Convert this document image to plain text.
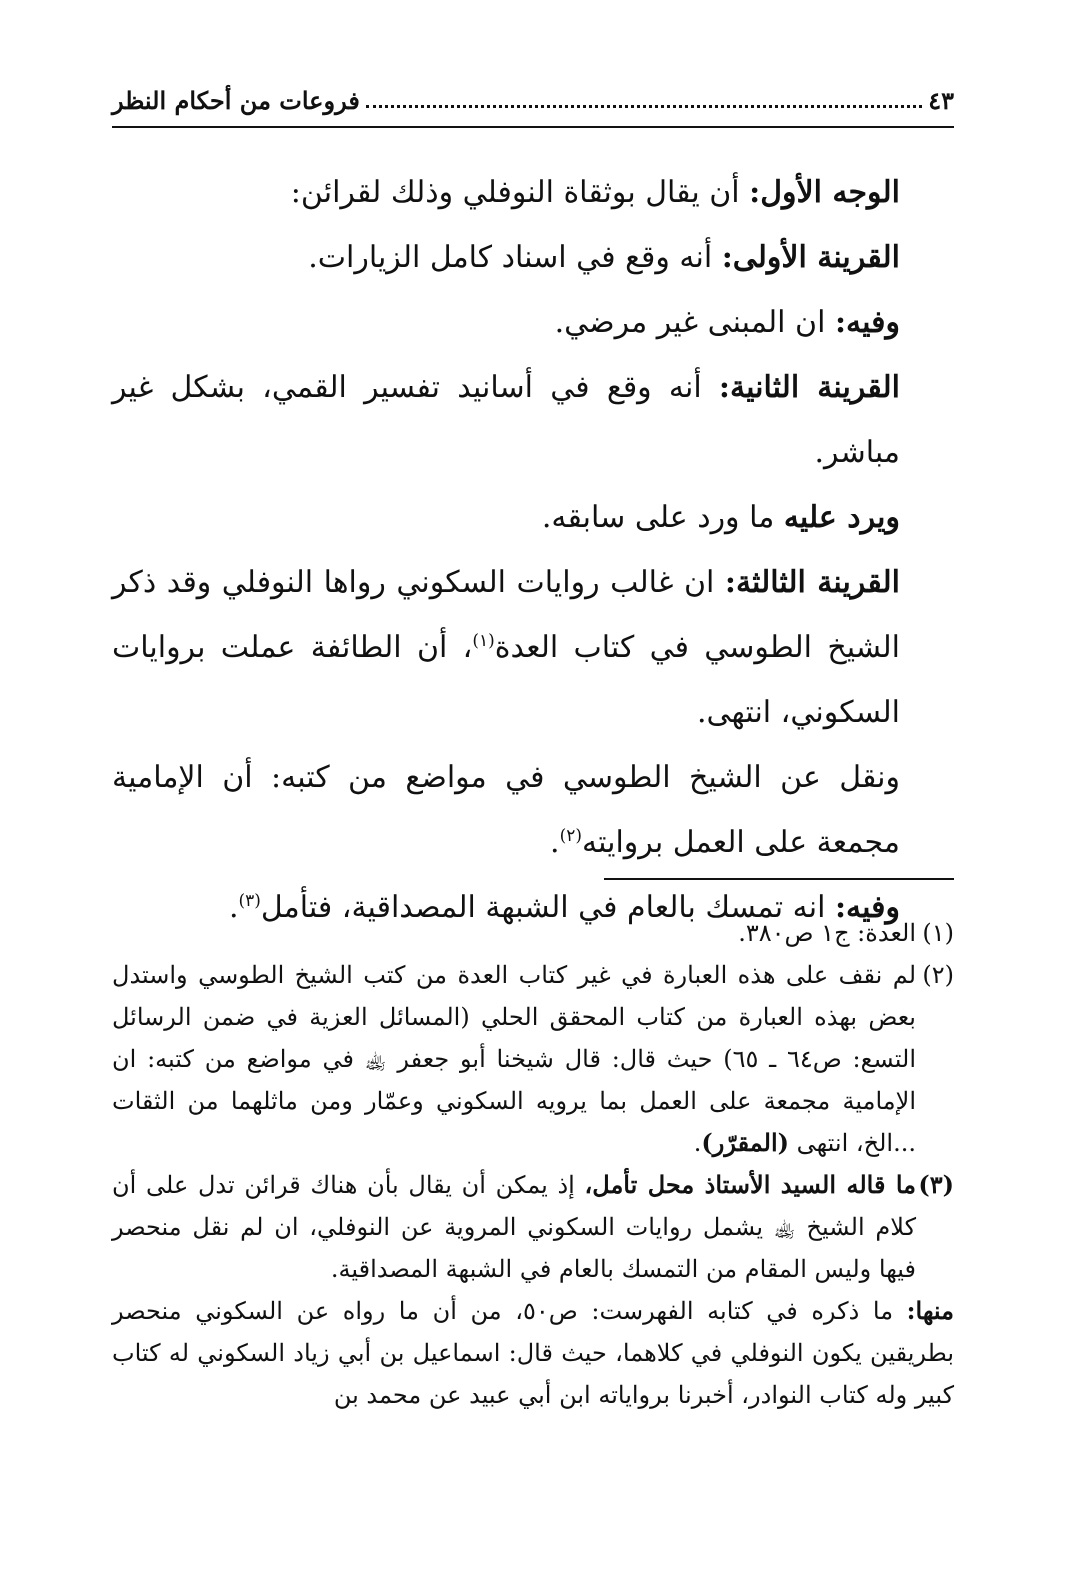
٤٣
فروعات من أحكام النظر

الوجه الأول: أن يقال بوثقاة النوفلي وذلك لقرائن:

القرينة الأولى: أنه وقع في اسناد كامل الزيارات.

وفيه: ان المبنى غير مرضي.

القرينة الثانية: أنه وقع في أسانيد تفسير القمي، بشكل غير مباشر.

ويرد عليه ما ورد على سابقه.

القرينة الثالثة: ان غالب روايات السكوني رواها النوفلي وقد ذكر الشيخ الطوسي في كتاب العدة$^{(١)}$، أن الطائفة عملت بروايات السكوني، انتهى.

ونقل عن الشيخ الطوسي في مواضع من كتبه: أن الإمامية مجمعة على العمل بروايته$^{(٢)}$.

وفيه: انه تمسك بالعام في الشبهة المصداقية، فتأمل$^{(٣)}$.

(١)

العدة: ج١ ص٣٨٠.

(٢)

لم نقف على هذه العبارة في غير كتاب العدة من كتب الشيخ الطوسي واستدل بعض بهذه العبارة من كتاب المحقق الحلي (المسائل العزية في ضمن الرسائل التسع: ص٦٤ ـ ٦٥) حيث قال: قال شيخنا أبو جعفر ﵀ في مواضع من كتبه: ان الإمامية مجمعة على العمل بما يرويه السكوني وعمّار ومن ماثلهما من الثقات ...الخ، انتهى (المقرّر).

(٣)

ما قاله السيد الأستاذ محل تأمل، إذ يمكن أن يقال بأن هناك قرائن تدل على أن كلام الشيخ ﵀ يشمل روايات السكوني المروية عن النوفلي، ان لم نقل منحصر فيها وليس المقام من التمسك بالعام في الشبهة المصداقية.

منها: ما ذكره في كتابه الفهرست: ص٥٠، من أن ما رواه عن السكوني منحصر بطريقين يكون النوفلي في كلاهما، حيث قال: اسماعيل بن أبي زياد السكوني له كتاب كبير وله كتاب النوادر، أخبرنا برواياته ابن أبي عبيد عن محمد بن
